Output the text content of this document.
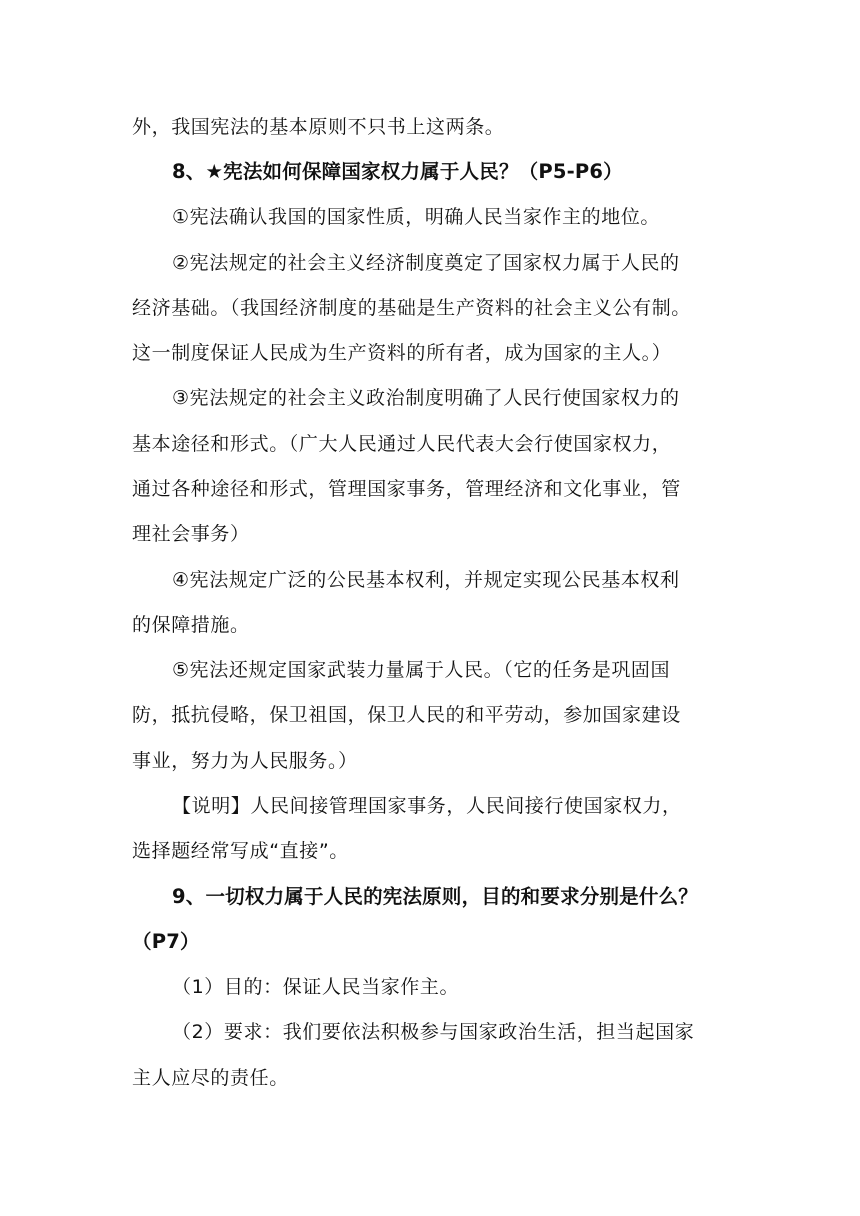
外，我国宪法的基本原则不只书上这两条。
8、★宪法如何保障国家权力属于人民？（P5-P6）
①宪法确认我国的国家性质，明确人民当家作主的地位。
②宪法规定的社会主义经济制度奠定了国家权力属于人民的
经济基础。（我国经济制度的基础是生产资料的社会主义公有制。
这一制度保证人民成为生产资料的所有者，成为国家的主人。）
③宪法规定的社会主义政治制度明确了人民行使国家权力的
基本途径和形式。（广大人民通过人民代表大会行使国家权力，
通过各种途径和形式，管理国家事务，管理经济和文化事业，管
理社会事务）
④宪法规定广泛的公民基本权利，并规定实现公民基本权利
的保障措施。
⑤宪法还规定国家武装力量属于人民。（它的任务是巩固国
防，抵抗侵略，保卫祖国，保卫人民的和平劳动，参加国家建设
事业，努力为人民服务。）
【说明】人民间接管理国家事务，人民间接行使国家权力，
选择题经常写成“直接”。
9、一切权力属于人民的宪法原则，目的和要求分别是什么？
（P7）
（1）目的：保证人民当家作主。
（2）要求：我们要依法积极参与国家政治生活，担当起国家
主人应尽的责任。
